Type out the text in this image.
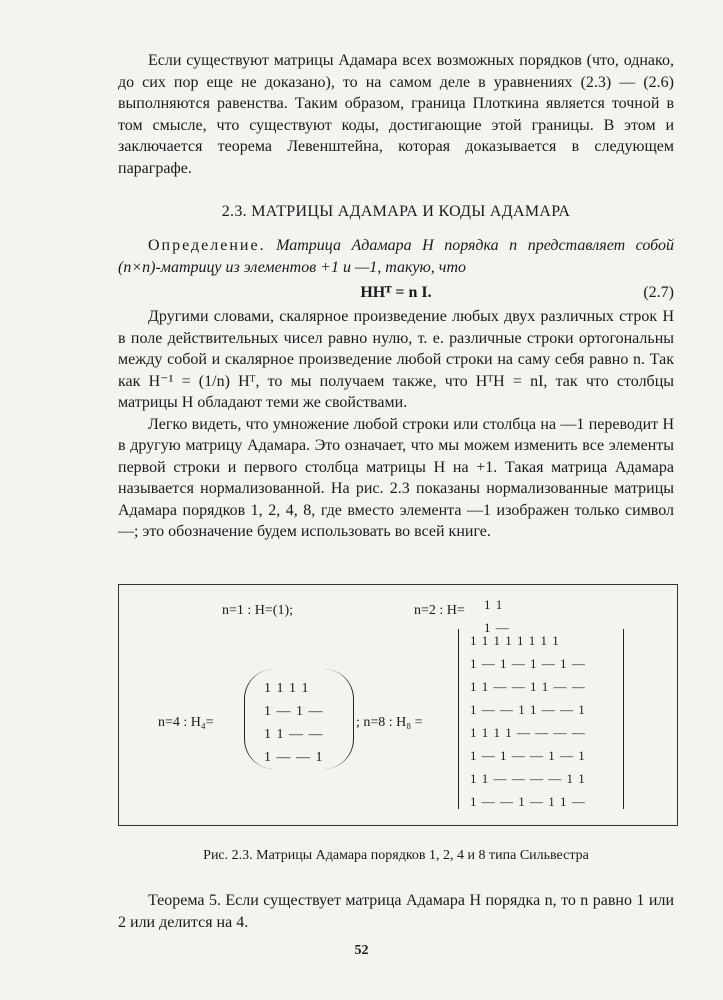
Если существуют матрицы Адамара всех возможных порядков (что, однако, до сих пор еще не доказано), то на самом деле в уравнениях (2.3) — (2.6) выполняются равенства. Таким образом, граница Плоткина является точной в том смысле, что существуют коды, достигающие этой границы. В этом и заключается теорема Левенштейна, которая доказывается в следующем параграфе.

2.3. МАТРИЦЫ АДАМАРА И КОДЫ АДАМАРА

Определение. Матрица Адамара H порядка n представляет собой (n×n)-матрицу из элементов +1 и —1, такую, что

HHᵀ = n I.	(2.7)

Другими словами, скалярное произведение любых двух различных строк H в поле действительных чисел равно нулю, т. е. различные строки ортогональны между собой и скалярное произведение любой строки на саму себя равно n. Так как H⁻¹ = (1/n) Hᵀ, то мы получаем также, что HᵀH = nI, так что столбцы матрицы H обладают теми же свойствами.

Легко видеть, что умножение любой строки или столбца на —1 переводит H в другую матрицу Адамара. Это означает, что мы можем изменить все элементы первой строки и первого столбца матрицы H на +1. Такая матрица Адамара называется нормализованной. На рис. 2.3 показаны нормализованные матрицы Адамара порядков 1, 2, 4, 8, где вместо элемента —1 изображен только символ —; это обозначение будем использовать во всей книге.

n=1 : H=(1);	n=2 : H= 1 1
1 —
n=4 : H₄=
1 1 1 1
1 — 1 —
1 1 — —
1 — — 1
; n=8 : H₈ =
1 1 1 1 1 1 1 1
1 — 1 — 1 — 1 —
1 1 — — 1 1 — —
1 — — 1 1 — — 1
1 1 1 1 — — — —
1 — 1 — — 1 — 1
1 1 — — — — 1 1
1 — — 1 — 1 1 —
Рис. 2.3. Матрицы Адамара порядков 1, 2, 4 и 8 типа Сильвестра

Теорема 5. Если существует матрица Адамара H порядка n, то n равно 1 или 2 или делится на 4.

52
